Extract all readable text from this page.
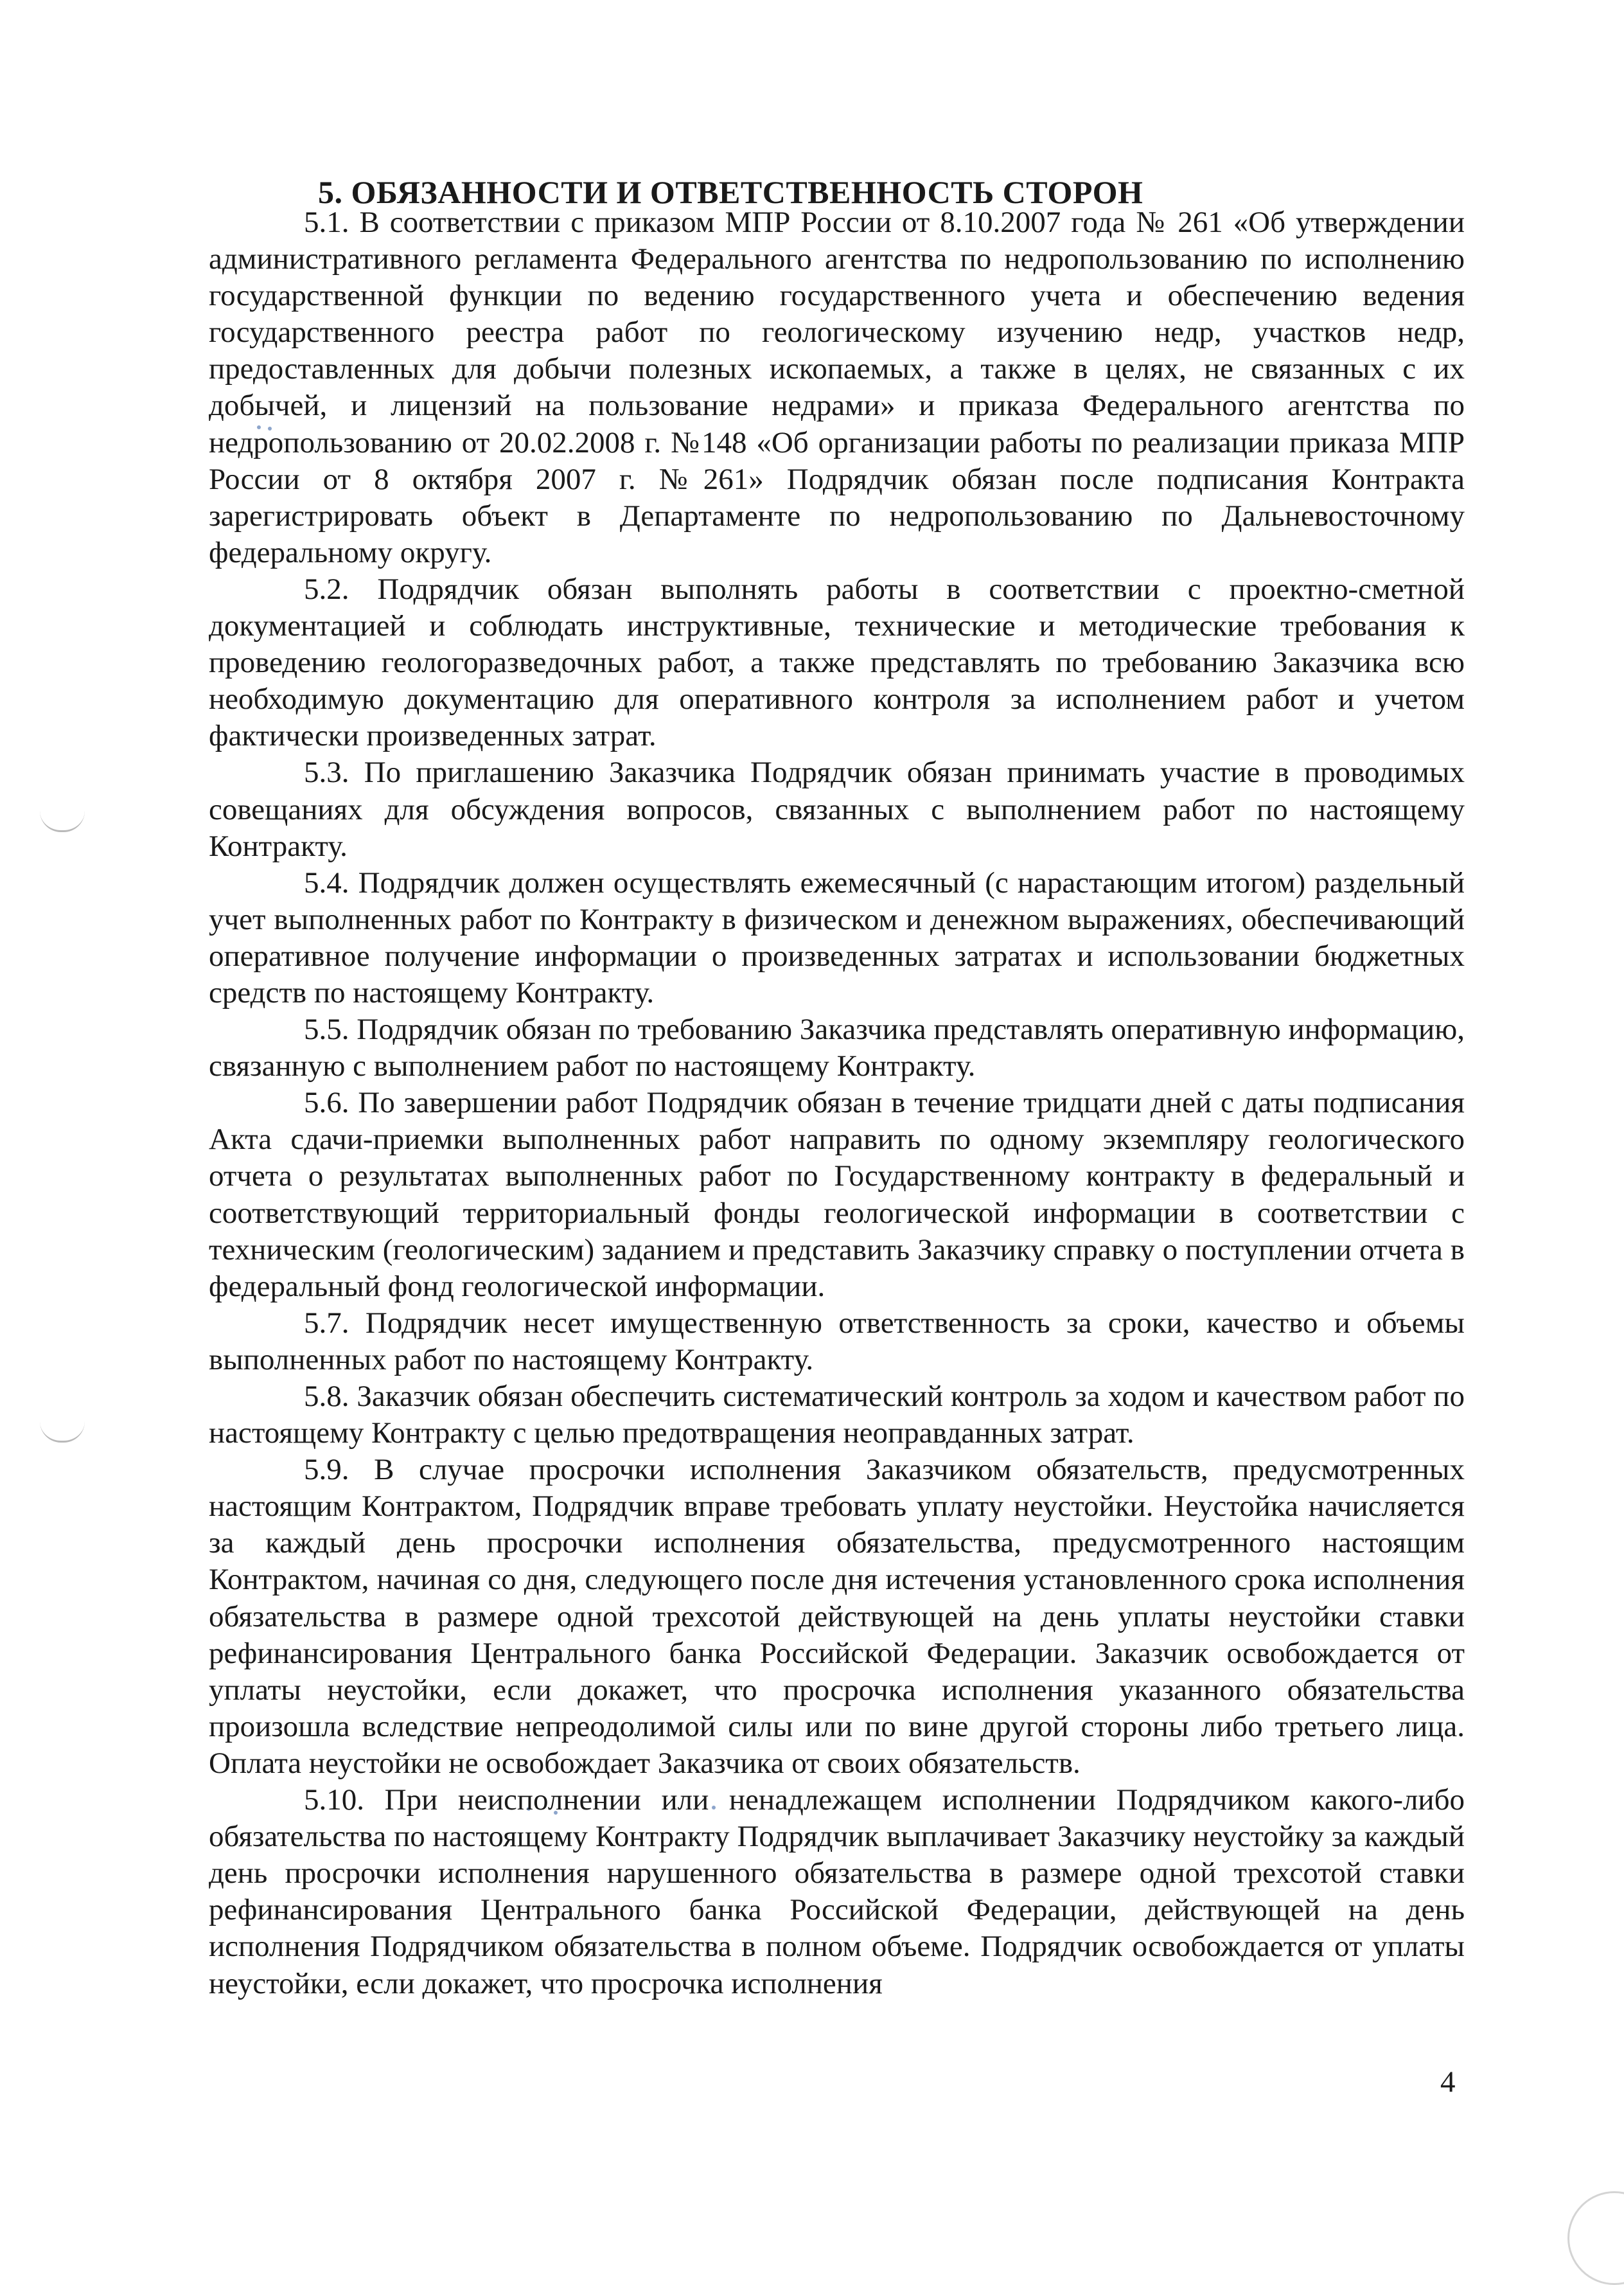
5. ОБЯЗАННОСТИ И ОТВЕТСТВЕННОСТЬ СТОРОН

5.1. В соответствии с приказом МПР России от 8.10.2007 года № 261 «Об утверждении административного регламента Федерального агентства по недропользованию по исполнению государственной функции по ведению государственного учета и обеспечению ведения государственного реестра работ по геологическому изучению недр, участков недр, предоставленных для добычи полезных ископаемых, а также в целях, не связанных с их добычей, и лицензий на пользование недрами» и приказа Федерального агентства по недропользованию от 20.02.2008 г. №148 «Об организации работы по реализации приказа МПР России от 8 октября 2007 г. №261» Подрядчик обязан после подписания Контракта зарегистрировать объект в Департаменте по недропользованию по Дальневосточному федеральному округу.

5.2. Подрядчик обязан выполнять работы в соответствии с проектно-сметной документацией и соблюдать инструктивные, технические и методические требования к проведению геологоразведочных работ, а также представлять по требованию Заказчика всю необходимую документацию для оперативного контроля за исполнением работ и учетом фактически произведенных затрат.

5.3. По приглашению Заказчика Подрядчик обязан принимать участие в проводимых совещаниях для обсуждения вопросов, связанных с выполнением работ по настоящему Контракту.

5.4. Подрядчик должен осуществлять ежемесячный (с нарастающим итогом) раздельный учет выполненных работ по Контракту в физическом и денежном выражениях, обеспечивающий оперативное получение информации о произведенных затратах и использовании бюджетных средств по настоящему Контракту.

5.5. Подрядчик обязан по требованию Заказчика представлять оперативную информацию, связанную с выполнением работ по настоящему Контракту.

5.6. По завершении работ Подрядчик обязан в течение тридцати дней с даты подписания Акта сдачи-приемки выполненных работ направить по одному экземпляру геологического отчета о результатах выполненных работ по Государственному контракту в федеральный и соответствующий территориальный фонды геологической информации в соответствии с техническим (геологическим) заданием и представить Заказчику справку о поступлении отчета в федеральный фонд геологической информации.

5.7. Подрядчик несет имущественную ответственность за сроки, качество и объемы выполненных работ по настоящему Контракту.

5.8. Заказчик обязан обеспечить систематический контроль за ходом и качеством работ по настоящему Контракту с целью предотвращения неоправданных затрат.

5.9. В случае просрочки исполнения Заказчиком обязательств, предусмотренных настоящим Контрактом, Подрядчик вправе требовать уплату неустойки. Неустойка начисляется за каждый день просрочки исполнения обязательства, предусмотренного настоящим Контрактом, начиная со дня, следующего после дня истечения установленного срока исполнения обязательства в размере одной трехсотой действующей на день уплаты неустойки ставки рефинансирования Центрального банка Российской Федерации. Заказчик освобождается от уплаты неустойки, если докажет, что просрочка исполнения указанного обязательства произошла вследствие непреодолимой силы или по вине другой стороны либо третьего лица. Оплата неустойки не освобождает Заказчика от своих обязательств.

5.10. При неисполнении или ненадлежащем исполнении Подрядчиком какого-либо обязательства по настоящему Контракту Подрядчик выплачивает Заказчику неустойку за каждый день просрочки исполнения нарушенного обязательства в размере одной трехсотой ставки рефинансирования Центрального банка Российской Федерации, действующей на день исполнения Подрядчиком обязательства в полном объеме. Подрядчик освобождается от уплаты неустойки, если докажет, что просрочка исполнения

4
